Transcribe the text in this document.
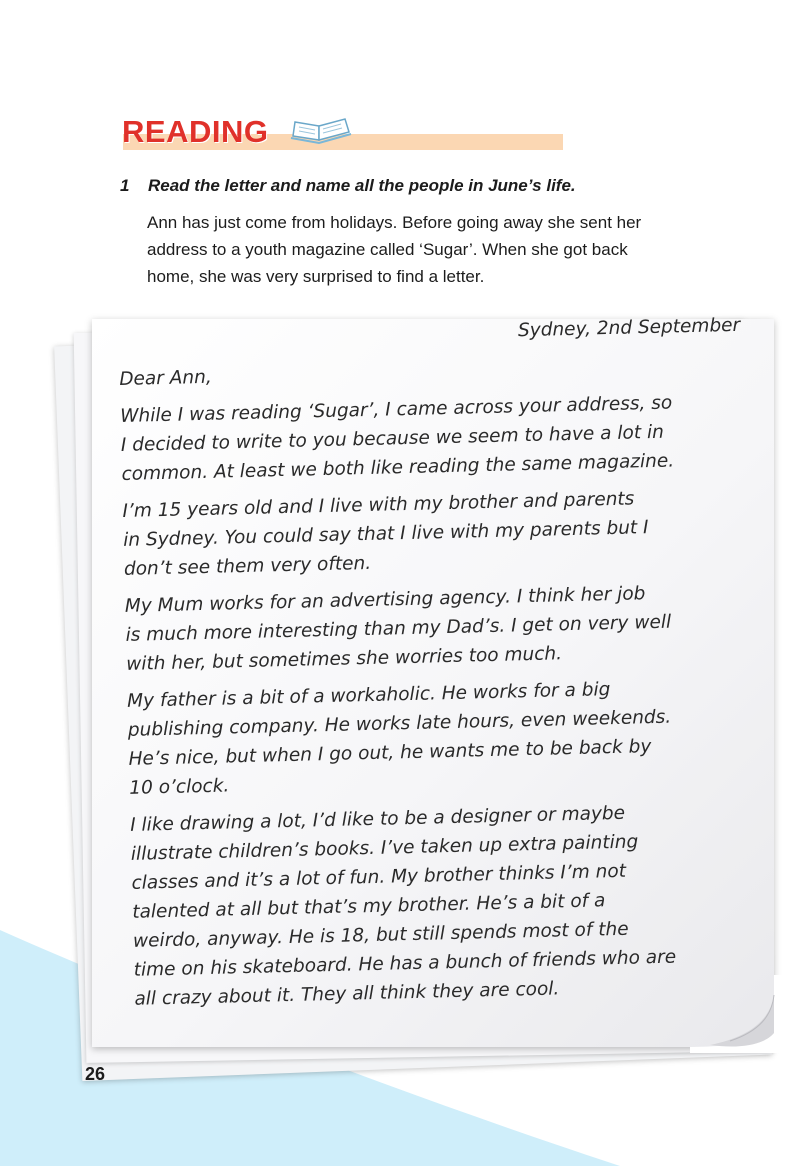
READING
1 Read the letter and name all the people in June’s life.
Ann has just come from holidays. Before going away she sent her
address to a youth magazine called ‘Sugar’. When she got back
home, she was very surprised to find a letter.
Sydney, 2nd September
Dear Ann,
While I was reading ‘Sugar’, I came across your address, so
I decided to write to you because we seem to have a lot in
common. At least we both like reading the same magazine.
I’m 15 years old and I live with my brother and parents
in Sydney. You could say that I live with my parents but I
don’t see them very often.
My Mum works for an advertising agency. I think her job
is much more interesting than my Dad’s. I get on very well
with her, but sometimes she worries too much.
My father is a bit of a workaholic. He works for a big
publishing company. He works late hours, even weekends.
He’s nice, but when I go out, he wants me to be back by
10 o’clock.
I like drawing a lot, I’d like to be a designer or maybe
illustrate children’s books. I’ve taken up extra painting
classes and it’s a lot of fun. My brother thinks I’m not
talented at all but that’s my brother. He’s a bit of a
weirdo, anyway. He is 18, but still spends most of the
time on his skateboard. He has a bunch of friends who are
all crazy about it. They all think they are cool.
26
